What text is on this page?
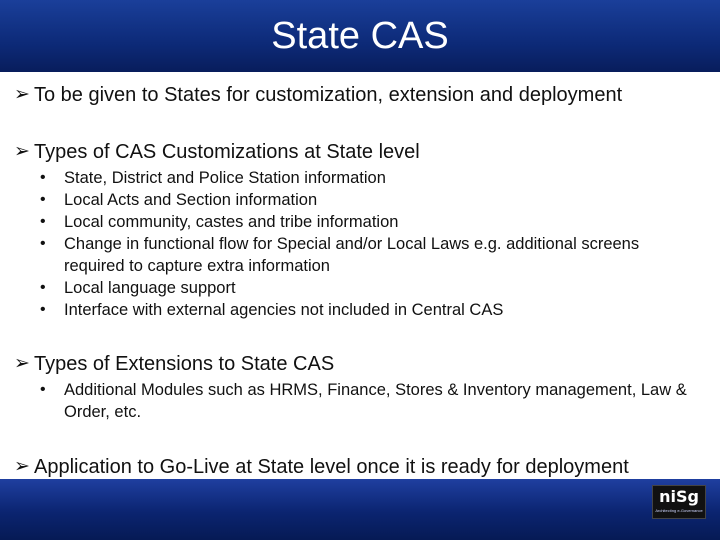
State CAS
➢ To be given to States for customization, extension and deployment
➢ Types of CAS Customizations at State level
• State, District and Police Station information
• Local Acts and Section information
• Local community, castes and tribe information
• Change in functional flow for Special and/or Local Laws e.g. additional screens required to capture extra information
• Local language support
• Interface with external agencies not included in Central CAS
➢ Types of Extensions to State CAS
• Additional Modules such as HRMS, Finance, Stores & Inventory management, Law & Order, etc.
➢ Application to Go-Live at State level once it is ready for deployment
niSg
Architecting e-Governance
